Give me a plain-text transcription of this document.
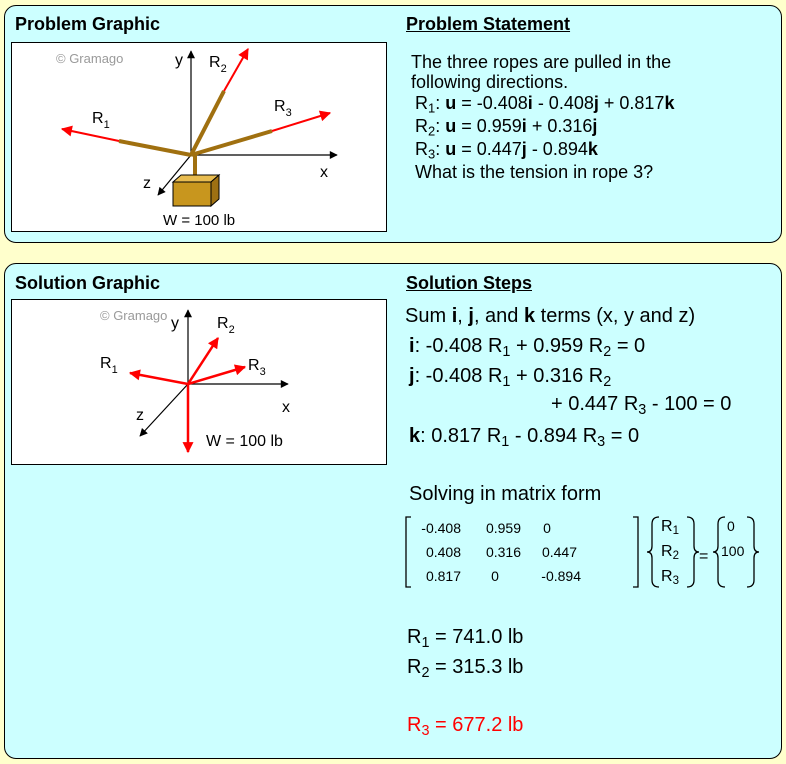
Problem Graphic	Problem Statement
© Gramago	y
x
z
$R_1$
$R_2$
$R_3$
W = 100 lb
The three ropes are pulled in the
following directions.
$R_1$: u = -0.408i - 0.408j + 0.817k
$R_2$: u = 0.959i + 0.316j
$R_3$: u = 0.447j - 0.894k
What is the tension in rope 3?
Solution Graphic	Solution Steps
© Gramago y
x
z
$R_1$
$R_2$
$R_3$
W = 100 lb
Sum i, j, and k terms (x, y and z)
i: -0.408 $R_1 + 0.959$ $R_2 = 0$
j: -0.408 $R_1 + 0.316$ $R_2$
+ 0.447 $R_3 - 100 = 0$
k: 0.817 $R_1 - 0.894$ $R_3 = 0$
Solving in matrix form
-0.408	0.959	0
0.408	0.316	0.447
0.817	0	-0.894
$R_1$
$R_2$
$R_3$
=
0
100
$R_1 = 741.0$ lb
$R_2 = 315.3$ lb
$R_3 = 677.2$ lb
